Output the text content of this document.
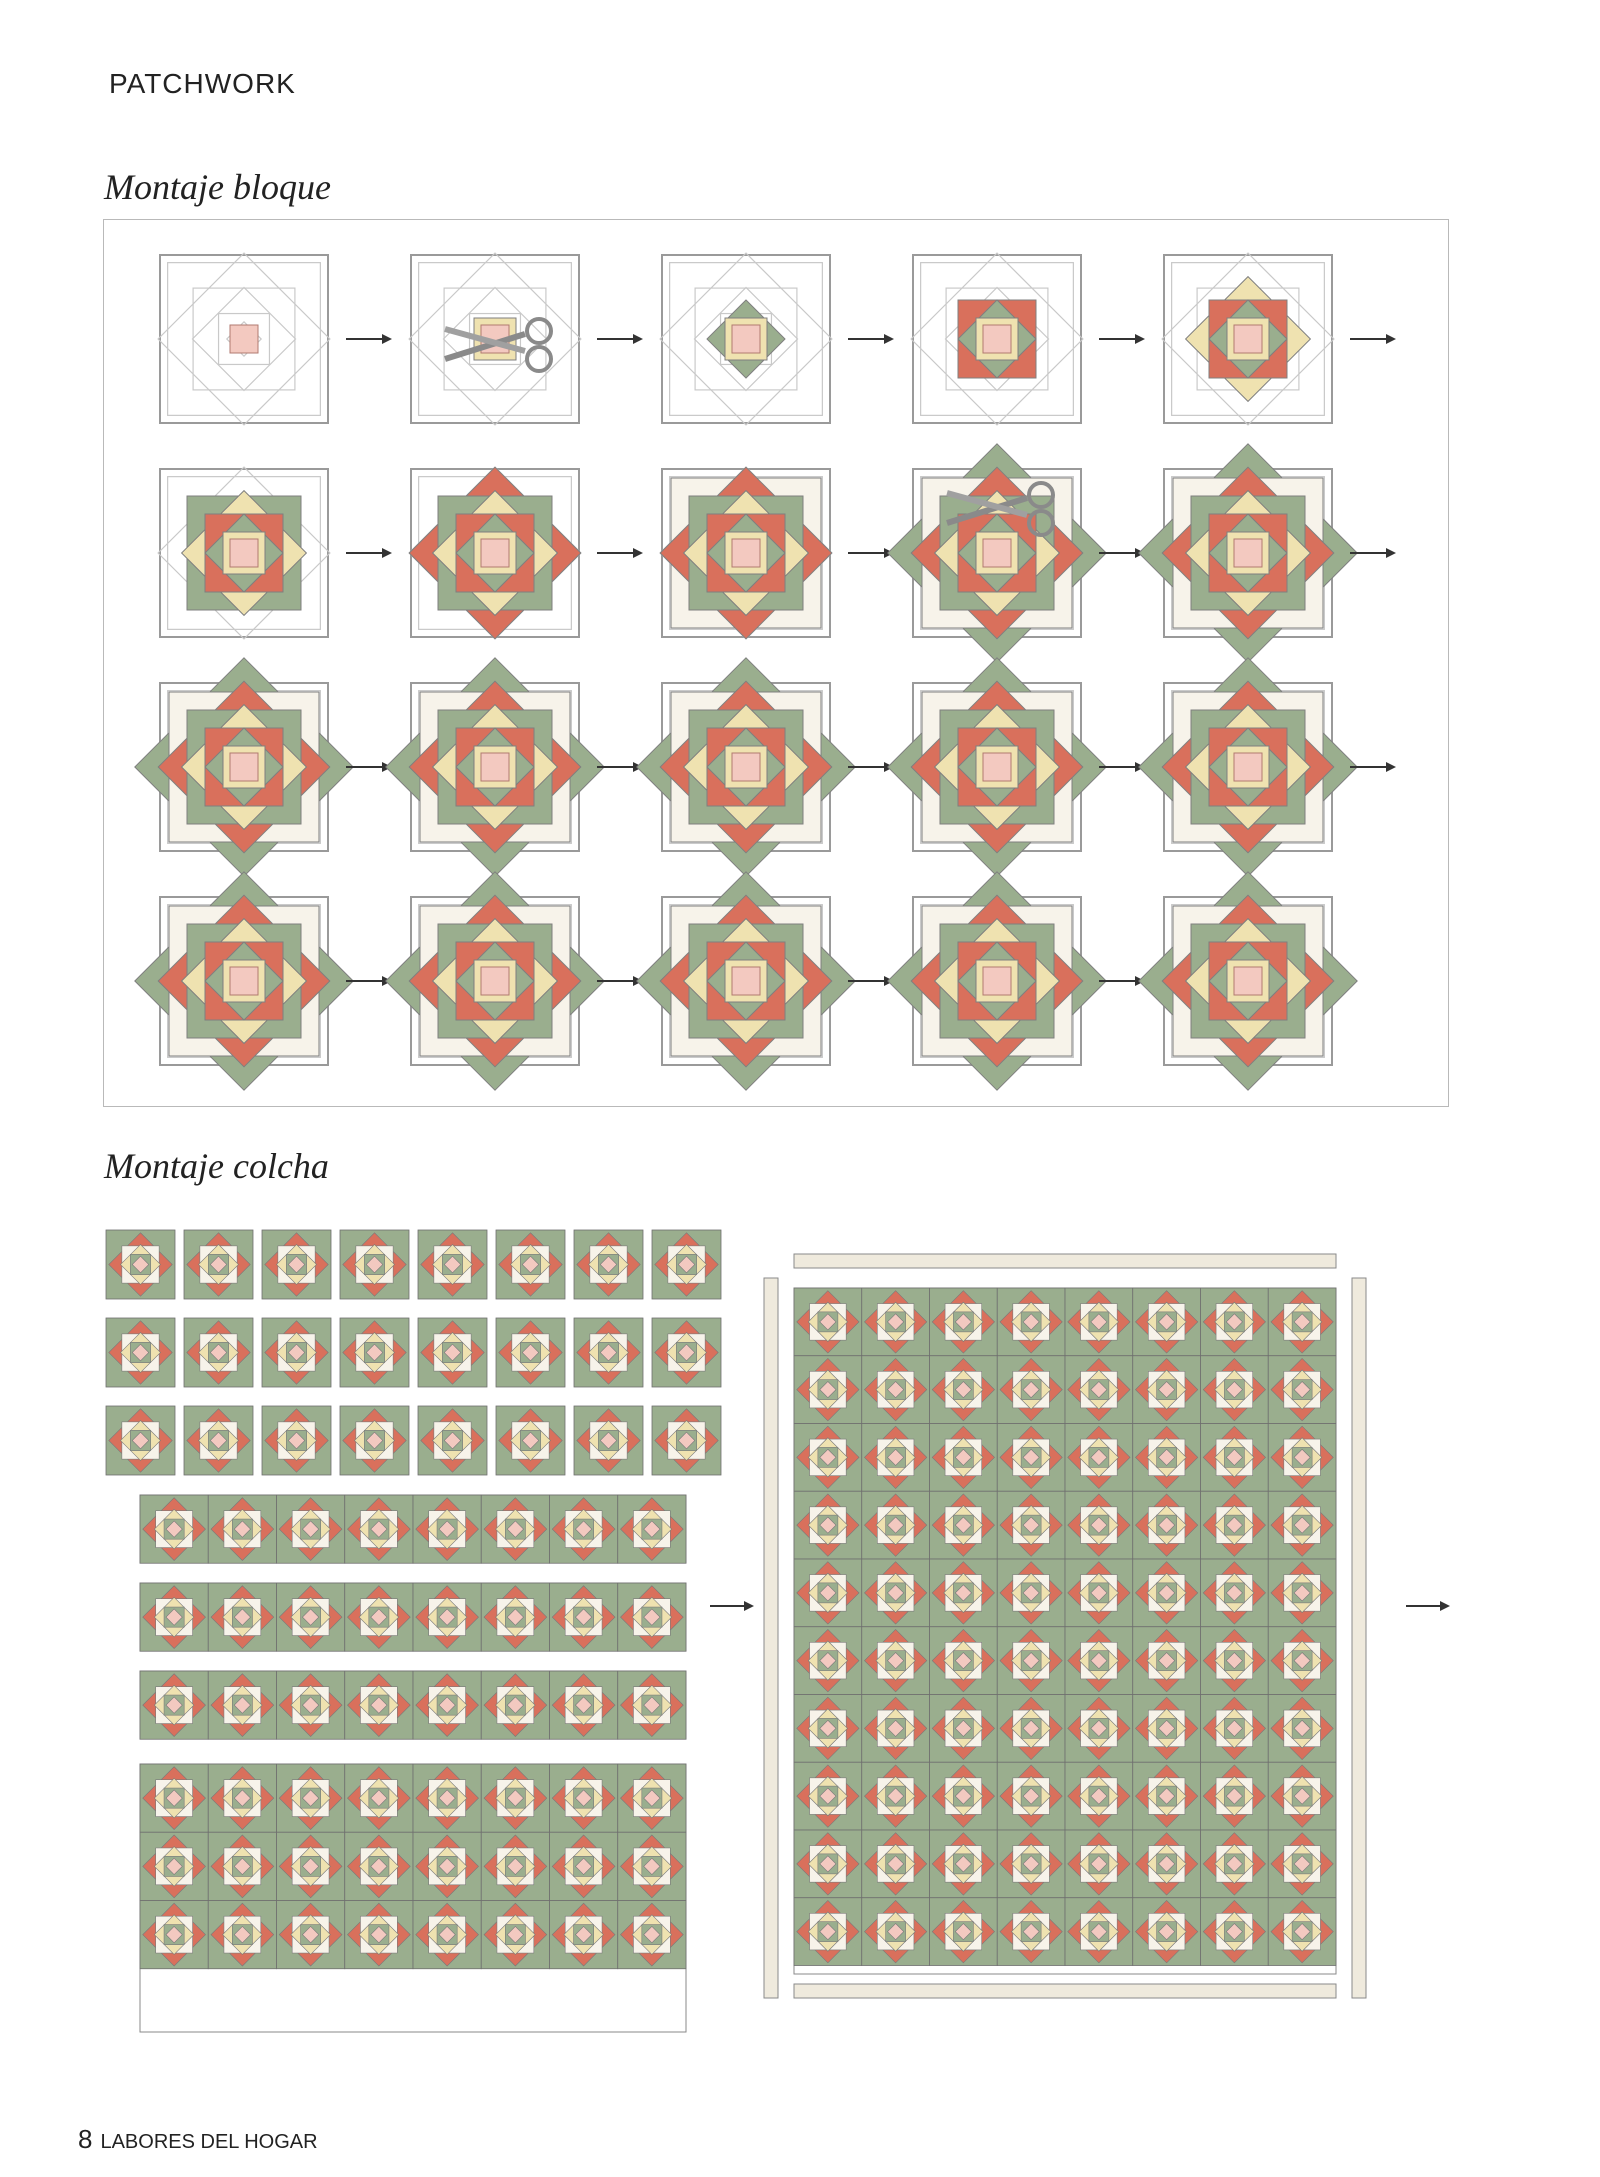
PATCHWORK
Montaje bloque
Montaje colcha
8 LABORES DEL HOGAR
